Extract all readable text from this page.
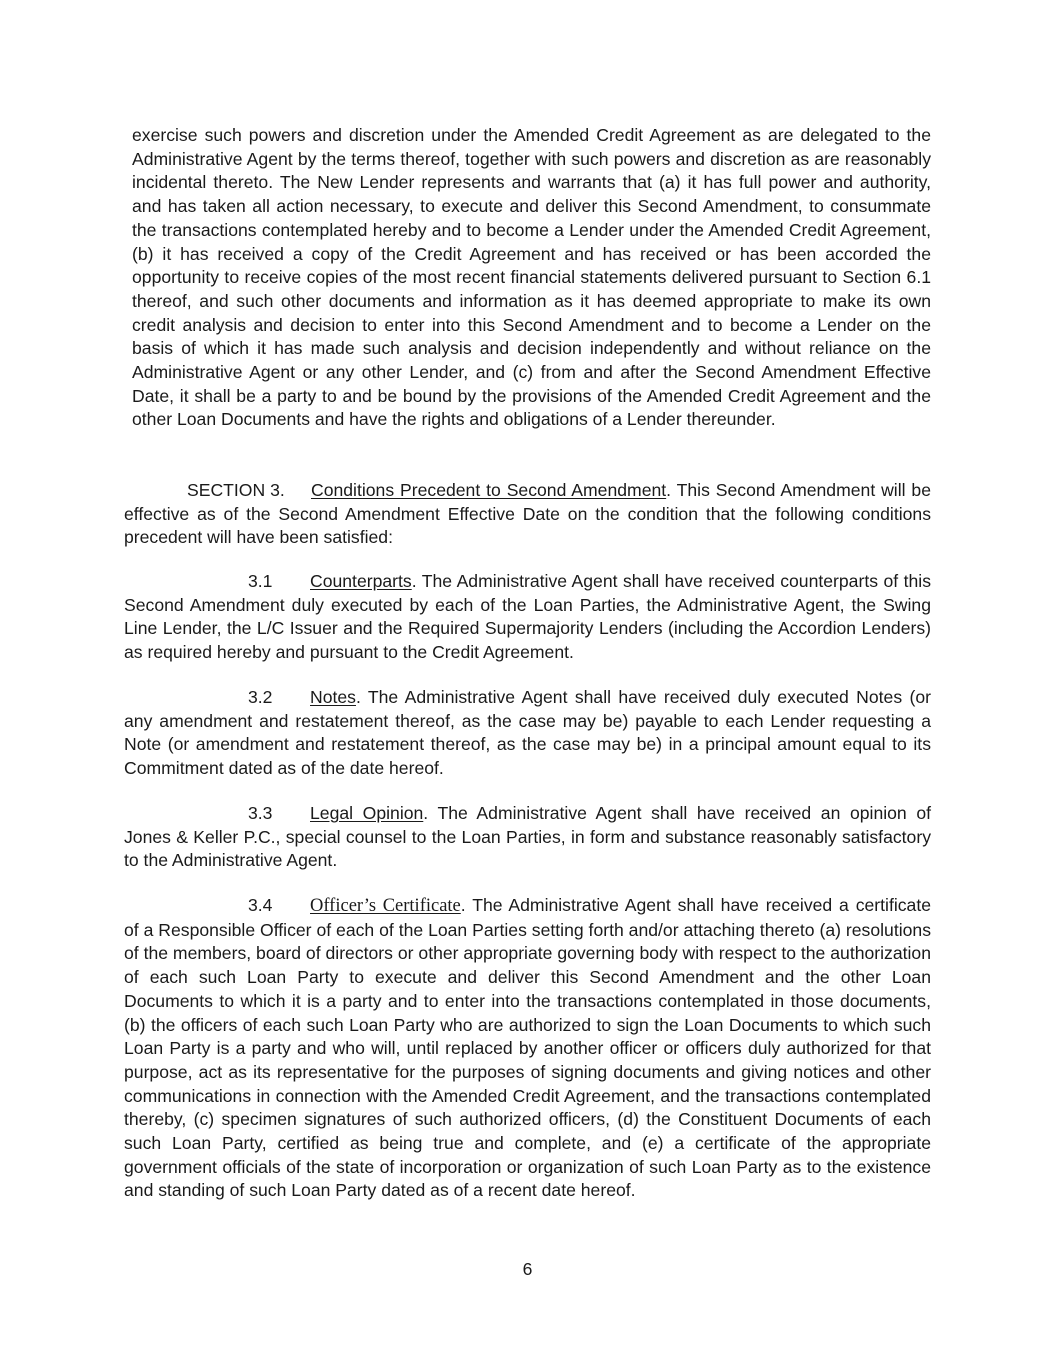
exercise such powers and discretion under the Amended Credit Agreement as are delegated to the Administrative Agent by the terms thereof, together with such powers and discretion as are reasonably incidental thereto. The New Lender represents and warrants that (a) it has full power and authority, and has taken all action necessary, to execute and deliver this Second Amendment, to consummate the transactions contemplated hereby and to become a Lender under the Amended Credit Agreement, (b) it has received a copy of the Credit Agreement and has received or has been accorded the opportunity to receive copies of the most recent financial statements delivered pursuant to Section 6.1 thereof, and such other documents and information as it has deemed appropriate to make its own credit analysis and decision to enter into this Second Amendment and to become a Lender on the basis of which it has made such analysis and decision independently and without reliance on the Administrative Agent or any other Lender, and (c) from and after the Second Amendment Effective Date, it shall be a party to and be bound by the provisions of the Amended Credit Agreement and the other Loan Documents and have the rights and obligations of a Lender thereunder.

SECTION 3. Conditions Precedent to Second Amendment. This Second Amendment will be effective as of the Second Amendment Effective Date on the condition that the following conditions precedent will have been satisfied:

3.1 Counterparts. The Administrative Agent shall have received counterparts of this Second Amendment duly executed by each of the Loan Parties, the Administrative Agent, the Swing Line Lender, the L/C Issuer and the Required Supermajority Lenders (including the Accordion Lenders) as required hereby and pursuant to the Credit Agreement.

3.2 Notes. The Administrative Agent shall have received duly executed Notes (or any amendment and restatement thereof, as the case may be) payable to each Lender requesting a Note (or amendment and restatement thereof, as the case may be) in a principal amount equal to its Commitment dated as of the date hereof.

3.3 Legal Opinion. The Administrative Agent shall have received an opinion of Jones & Keller P.C., special counsel to the Loan Parties, in form and substance reasonably satisfactory to the Administrative Agent.

3.4 Officer’s Certificate. The Administrative Agent shall have received a certificate of a Responsible Officer of each of the Loan Parties setting forth and/or attaching thereto (a) resolutions of the members, board of directors or other appropriate governing body with respect to the authorization of each such Loan Party to execute and deliver this Second Amendment and the other Loan Documents to which it is a party and to enter into the transactions contemplated in those documents, (b) the officers of each such Loan Party who are authorized to sign the Loan Documents to which such Loan Party is a party and who will, until replaced by another officer or officers duly authorized for that purpose, act as its representative for the purposes of signing documents and giving notices and other communications in connection with the Amended Credit Agreement, and the transactions contemplated thereby, (c) specimen signatures of such authorized officers, (d) the Constituent Documents of each such Loan Party, certified as being true and complete, and (e) a certificate of the appropriate government officials of the state of incorporation or organization of such Loan Party as to the existence and standing of such Loan Party dated as of a recent date hereof.

6
